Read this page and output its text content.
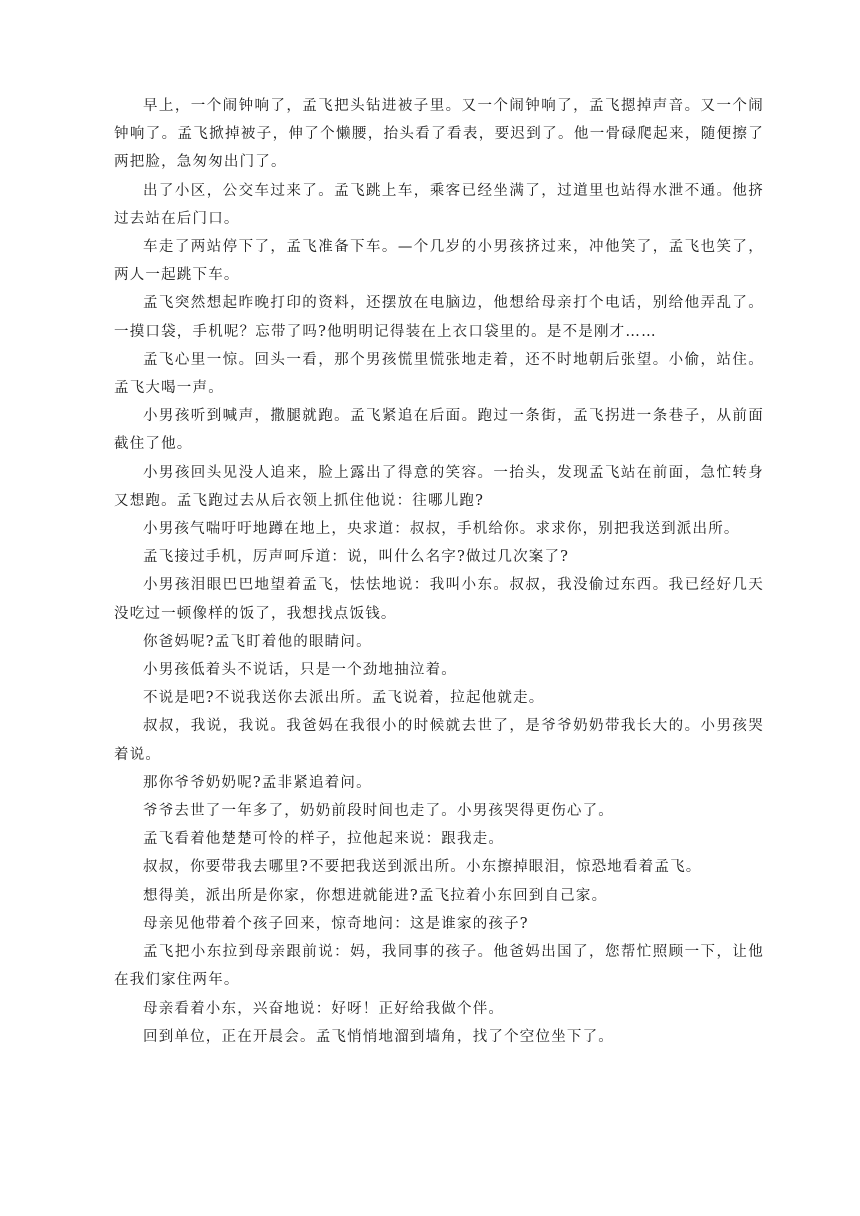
早上，一个闹钟响了，孟飞把头钻进被子里。又一个闹钟响了，孟飞摁掉声音。又一个闹钟响了。孟飞掀掉被子，伸了个懒腰，抬头看了看表，要迟到了。他一骨碌爬起来，随便擦了两把脸，急匆匆出门了。

出了小区，公交车过来了。孟飞跳上车，乘客已经坐满了，过道里也站得水泄不通。他挤过去站在后门口。

车走了两站停下了，孟飞准备下车。—个几岁的小男孩挤过来，冲他笑了，孟飞也笑了，两人一起跳下车。

孟飞突然想起昨晚打印的资料，还摆放在电脑边，他想给母亲打个电话，别给他弄乱了。一摸口袋，手机呢？忘带了吗?他明明记得装在上衣口袋里的。是不是刚才……

孟飞心里一惊。回头一看，那个男孩慌里慌张地走着，还不时地朝后张望。小偷，站住。孟飞大喝一声。

小男孩听到喊声，撒腿就跑。孟飞紧追在后面。跑过一条街，孟飞拐进一条巷子，从前面截住了他。

小男孩回头见没人追来，脸上露出了得意的笑容。一抬头，发现孟飞站在前面，急忙转身又想跑。孟飞跑过去从后衣领上抓住他说：往哪儿跑?

小男孩气喘吁吁地蹲在地上，央求道：叔叔，手机给你。求求你，别把我送到派出所。

孟飞接过手机，厉声呵斥道：说，叫什么名字?做过几次案了?

小男孩泪眼巴巴地望着孟飞，怯怯地说：我叫小东。叔叔，我没偷过东西。我已经好几天没吃过一顿像样的饭了，我想找点饭钱。

你爸妈呢?孟飞盯着他的眼睛问。

小男孩低着头不说话，只是一个劲地抽泣着。

不说是吧?不说我送你去派出所。孟飞说着，拉起他就走。

叔叔，我说，我说。我爸妈在我很小的时候就去世了，是爷爷奶奶带我长大的。小男孩哭着说。

那你爷爷奶奶呢?孟非紧追着问。

爷爷去世了一年多了，奶奶前段时间也走了。小男孩哭得更伤心了。

孟飞看着他楚楚可怜的样子，拉他起来说：跟我走。

叔叔，你要带我去哪里?不要把我送到派出所。小东擦掉眼泪，惊恐地看着孟飞。

想得美，派出所是你家，你想进就能进?孟飞拉着小东回到自己家。

母亲见他带着个孩子回来，惊奇地问：这是谁家的孩子?

孟飞把小东拉到母亲跟前说：妈，我同事的孩子。他爸妈出国了，您帮忙照顾一下，让他在我们家住两年。

母亲看着小东，兴奋地说：好呀！正好给我做个伴。

回到单位，正在开晨会。孟飞悄悄地溜到墙角，找了个空位坐下了。
